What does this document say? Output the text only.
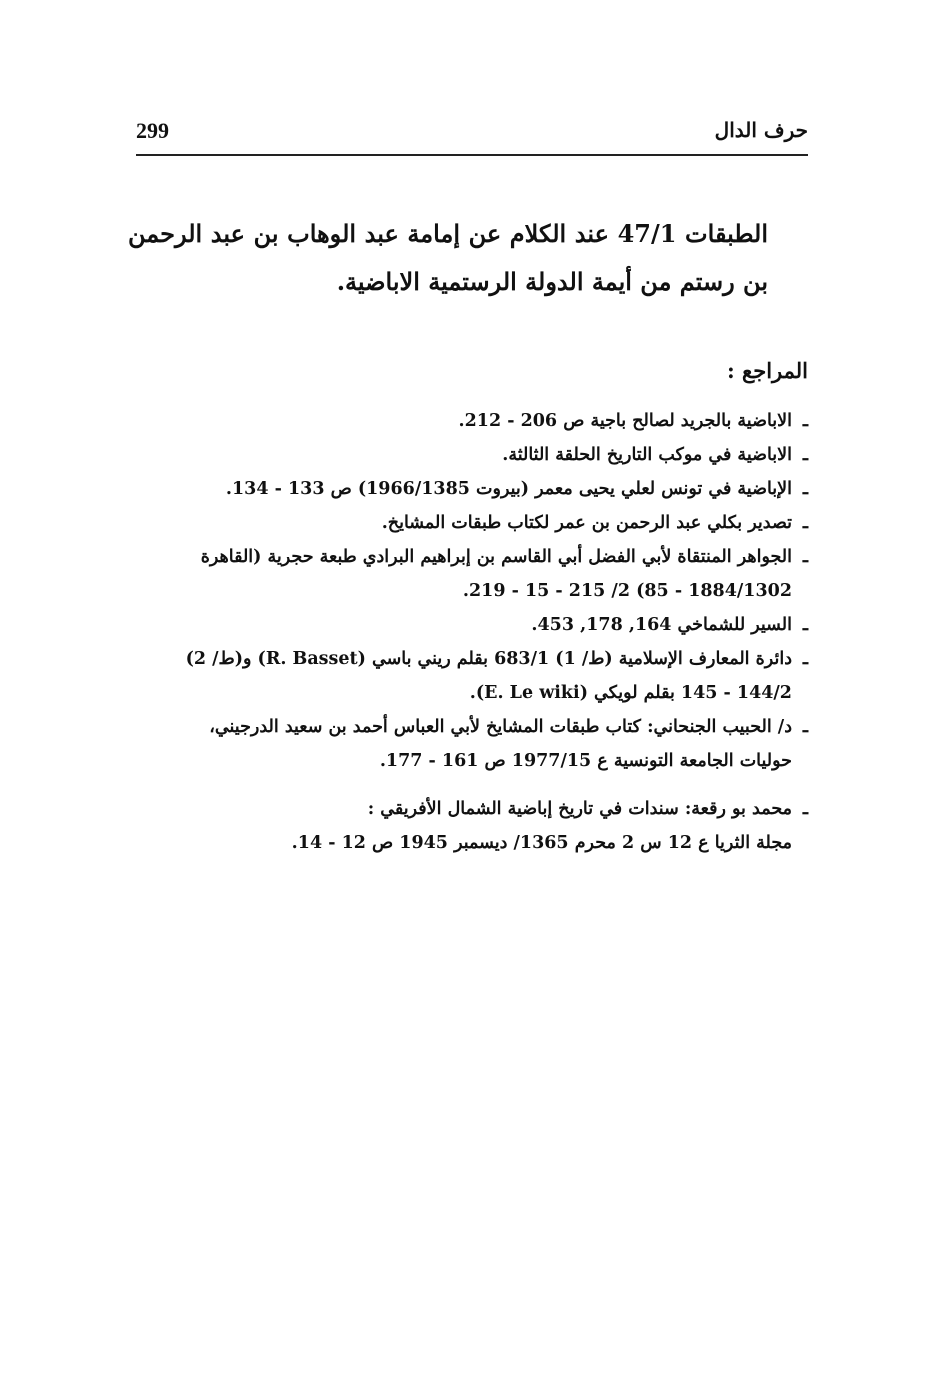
299	حرف الدال

الطبقات 47/1 عند الكلام عن إمامة عبد الوهاب بن عبد الرحمن بن رستم من أيمة الدولة الرستمية الاباضية.

المراجع :
ـ
الاباضية بالجريد لصالح باجية ص 206 - 212.
ـ
الاباضية في موكب التاريخ الحلقة الثالثة.
ـ
الإباضية في تونس لعلي يحيى معمر (بيروت 1966/1385) ص 133 - 134.
ـ
تصدير بكلي عبد الرحمن بن عمر لكتاب طبقات المشايخ.
ـ
الجواهر المنتقاة لأبي الفضل أبي القاسم بن إبراهيم البرادي طبعة حجرية (القاهرة
1884/1302 - 85) 2/ 215 - 15 - 219.
ـ
السير للشماخي 164, 178, 453.
ـ
دائرة المعارف الإسلامية (ط/ 1) 683/1 بقلم ريني باسي (R. Basset) و(ط/ 2)
144/2 - 145 بقلم لويكي (E. Le wiki).
ـ
د/ الحبيب الجنحاني: كتاب طبقات المشايخ لأبي العباس أحمد بن سعيد الدرجيني،
حوليات الجامعة التونسية ع 1977/15 ص 161 - 177.
ـ
محمد بو رقعة: سندات في تاريخ إباضية الشمال الأفريقي :
مجلة الثريا ع 12 س 2 محرم 1365/ ديسمبر 1945 ص 12 - 14.
